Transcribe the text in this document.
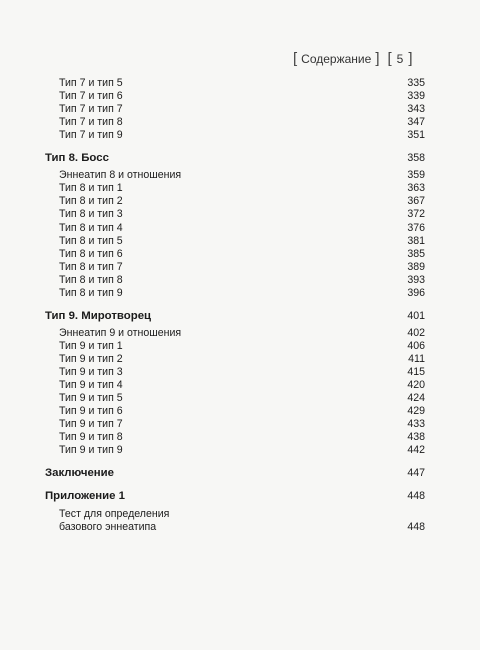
[ Содержание ] [ 5 ]
Тип 7 и тип 5	335
Тип 7 и тип 6	339
Тип 7 и тип 7	343
Тип 7 и тип 8	347
Тип 7 и тип 9	351
Тип 8. Босс	358
Эннеатип 8 и отношения	359
Тип 8 и тип 1	363
Тип 8 и тип 2	367
Тип 8 и тип 3	372
Тип 8 и тип 4	376
Тип 8 и тип 5	381
Тип 8 и тип 6	385
Тип 8 и тип 7	389
Тип 8 и тип 8	393
Тип 8 и тип 9	396
Тип 9. Миротворец	401
Эннеатип 9 и отношения	402
Тип 9 и тип 1	406
Тип 9 и тип 2	411
Тип 9 и тип 3	415
Тип 9 и тип 4	420
Тип 9 и тип 5	424
Тип 9 и тип 6	429
Тип 9 и тип 7	433
Тип 9 и тип 8	438
Тип 9 и тип 9	442
Заключение	447
Приложение 1	448
Тест для определения
базового эннеатипа	448
